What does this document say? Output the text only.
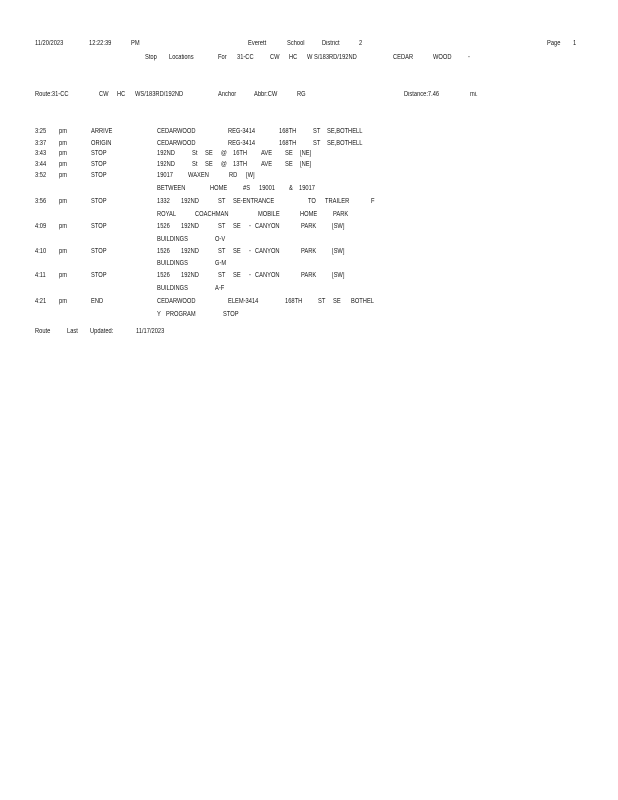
11/20/2023	12:22:39	PM	Everett	School District	2	Page 1
Stop Locations	For 31-CC CW HC W S/183RD/192ND	CEDAR	WOOD -
Route:31-CC	CW HC WS/183RD/192ND	Anchor	Abbr:CW	RG	Distance:7.46	mi.
3:25 pm	ARRIVE	CEDARWOOD	REG-3414	168TH ST SE,BOTHELL
3:37 pm	ORIGIN	CEDARWOOD	REG-3414	168TH ST SE,BOTHELL
3:43 pm	STOP	192ND St SE @ 16TH AVE SE [NE]
3:44 pm	STOP	192ND St SE @ 13TH AVE SE [NE]
3:52 pm	STOP	19017 WAXEN	RD [W]
BETWEEN	HOME #S 19001 & 19017
3:56 pm	STOP	1332 192ND	ST SE-ENTRANCE	TO TRAILER	F
ROYAL	COACHMAN	MOBILE	HOME PARK
4:09 pm	STOP	1526 192ND	ST SE - CANYON	PARK [SW]
BUILDINGS	O-V
4:10 pm	STOP	1526 192ND	ST SE - CANYON	PARK [SW]
BUILDINGS	G-M
4:11 pm	STOP	1526 192ND	ST SE - CANYON	PARK [SW]
BUILDINGS	A-F
4:21 pm	END	CEDARWOOD	ELEM-3414	168TH ST SE BOTHEL
Y PROGRAM	STOP
Route Last Updated:	11/17/2023
